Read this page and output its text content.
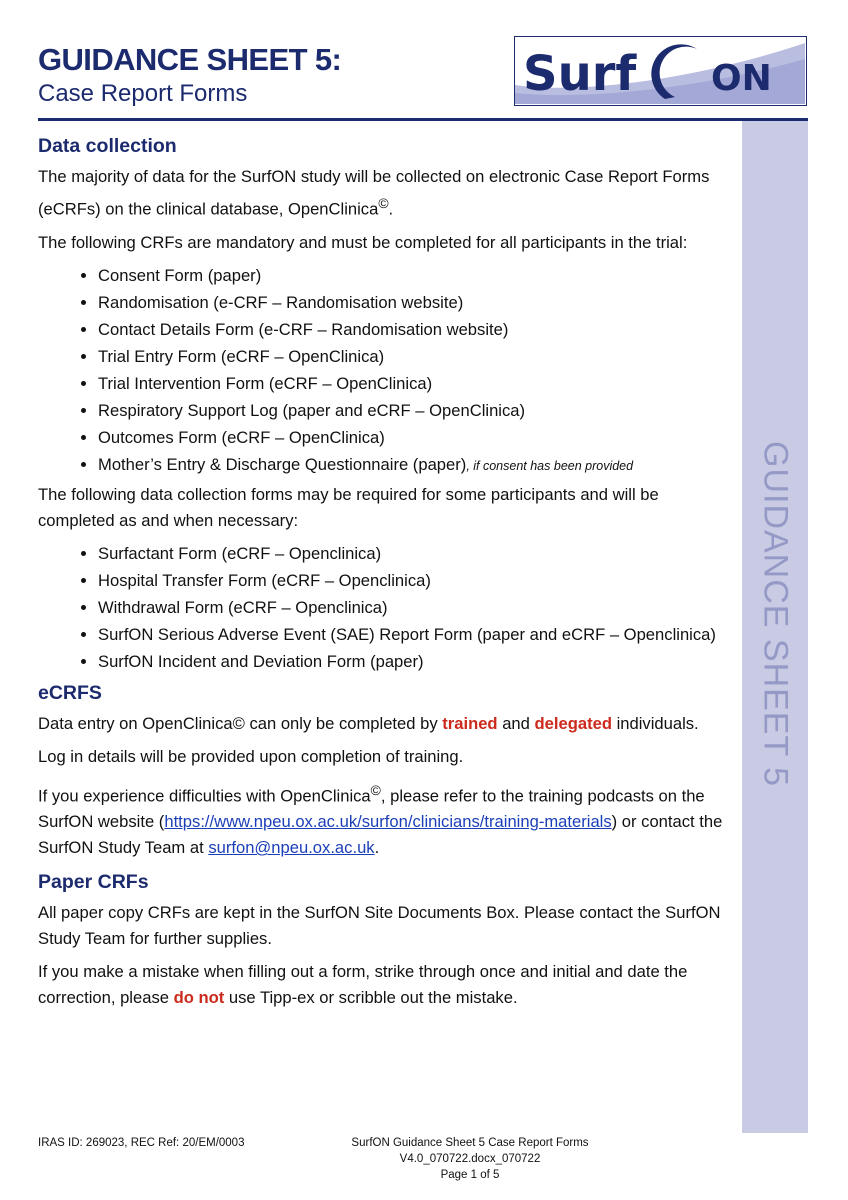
GUIDANCE SHEET 5:
Case Report Forms	Surf ON
GUIDANCE SHEET 5
Data collection

The majority of data for the SurfON study will be collected on electronic Case Report Forms (eCRFs) on the clinical database, OpenClinica©.

The following CRFs are mandatory and must be completed for all participants in the trial:

• Consent Form (paper)
• Randomisation (e-CRF – Randomisation website)
• Contact Details Form (e-CRF – Randomisation website)
• Trial Entry Form (eCRF – OpenClinica)
• Trial Intervention Form (eCRF – OpenClinica)
• Respiratory Support Log (paper and eCRF – OpenClinica)
• Outcomes Form (eCRF – OpenClinica)
• Mother’s Entry & Discharge Questionnaire (paper), if consent has been provided

The following data collection forms may be required for some participants and will be completed as and when necessary:

• Surfactant Form (eCRF – Openclinica)
• Hospital Transfer Form (eCRF – Openclinica)
• Withdrawal Form (eCRF – Openclinica)
• SurfON Serious Adverse Event (SAE) Report Form (paper and eCRF – Openclinica)
• SurfON Incident and Deviation Form (paper)
eCRFS

Data entry on OpenClinica© can only be completed by trained and delegated individuals.

Log in details will be provided upon completion of training.

If you experience difficulties with OpenClinica©, please refer to the training podcasts on the SurfON website (https://www.npeu.ox.ac.uk/surfon/clinicians/training-materials) or contact the SurfON Study Team at surfon@npeu.ox.ac.uk.

Paper CRFs

All paper copy CRFs are kept in the SurfON Site Documents Box. Please contact the SurfON Study Team for further supplies.

If you make a mistake when filling out a form, strike through once and initial and date the correction, please do not use Tipp-ex or scribble out the mistake.

IRAS ID: 269023, REC Ref: 20/EM/0003	SurfON Guidance Sheet 5 Case Report Forms V4.0_070722.docx_070722
Page 1 of 5
